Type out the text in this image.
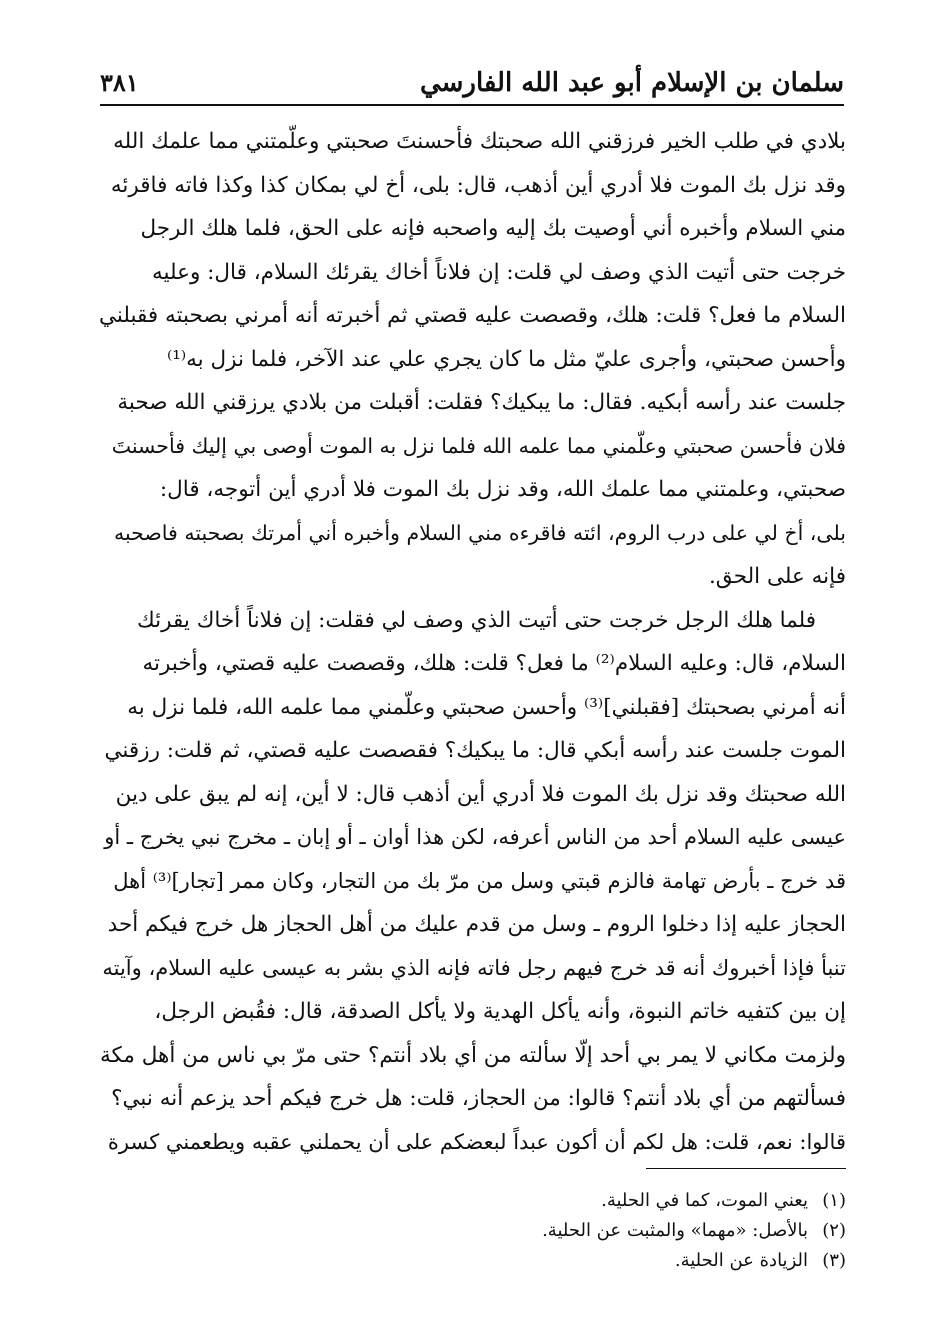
سلمان بن الإسلام أبو عبد الله الفارسي
٣٨١

بلادي في طلب الخير فرزقني الله صحبتك فأحسنتَ صحبتي وعلّمتني مما علمك الله
وقد نزل بك الموت فلا أدري أين أذهب، قال: بلى، أخ لي بمكان كذا وكذا فاته فاقرئه
مني السلام وأخبره أني أوصيت بك إليه واصحبه فإنه على الحق، فلما هلك الرجل
خرجت حتى أتيت الذي وصف لي قلت: إن فلاناً أخاك يقرئك السلام، قال: وعليه
السلام ما فعل؟ قلت: هلك، وقصصت عليه قصتي ثم أخبرته أنه أمرني بصحبته فقبلني
وأحسن صحبتي، وأجرى عليّ مثل ما كان يجري علي عند الآخر، فلما نزل به⁽¹⁾
جلست عند رأسه أبكيه. فقال: ما يبكيك؟ فقلت: أقبلت من بلادي يرزقني الله صحبة
فلان فأحسن صحبتي وعلّمني مما علمه الله فلما نزل به الموت أوصى بي إليك فأحسنتَ
صحبتي، وعلمتني مما علمك الله، وقد نزل بك الموت فلا أدري أين أتوجه، قال:
بلى، أخ لي على درب الروم، ائته فاقرءه مني السلام وأخبره أني أمرتك بصحبته فاصحبه
فإنه على الحق.

فلما هلك الرجل خرجت حتى أتيت الذي وصف لي فقلت: إن فلاناً أخاك يقرئك
السلام، قال: وعليه السلام⁽²⁾ ما فعل؟ قلت: هلك، وقصصت عليه قصتي، وأخبرته
أنه أمرني بصحبتك [فقبلني]⁽³⁾ وأحسن صحبتي وعلّمني مما علمه الله، فلما نزل به
الموت جلست عند رأسه أبكي قال: ما يبكيك؟ فقصصت عليه قصتي، ثم قلت: رزقني
الله صحبتك وقد نزل بك الموت فلا أدري أين أذهب قال: لا أين، إنه لم يبق على دين
عيسى عليه السلام أحد من الناس أعرفه، لكن هذا أوان ـ أو إبان ـ مخرج نبي يخرج ـ أو
قد خرج ـ بأرض تهامة فالزم قبتي وسل من مرّ بك من التجار، وكان ممر [تجار]⁽³⁾ أهل
الحجاز عليه إذا دخلوا الروم ـ وسل من قدم عليك من أهل الحجاز هل خرج فيكم أحد
تنبأ فإذا أخبروك أنه قد خرج فيهم رجل فاته فإنه الذي بشر به عيسى عليه السلام، وآيته
إن بين كتفيه خاتم النبوة، وأنه يأكل الهدية ولا يأكل الصدقة، قال: فقُبض الرجل،
ولزمت مكاني لا يمر بي أحد إلّا سألته من أي بلاد أنتم؟ حتى مرّ بي ناس من أهل مكة
فسألتهم من أي بلاد أنتم؟ قالوا: من الحجاز، قلت: هل خرج فيكم أحد يزعم أنه نبي؟
قالوا: نعم، قلت: هل لكم أن أكون عبداً لبعضكم على أن يحملني عقبه ويطعمني كسرة

(١)
يعني الموت، كما في الحلية.
(٢)
بالأصل: «مهما» والمثبت عن الحلية.
(٣)
الزيادة عن الحلية.
